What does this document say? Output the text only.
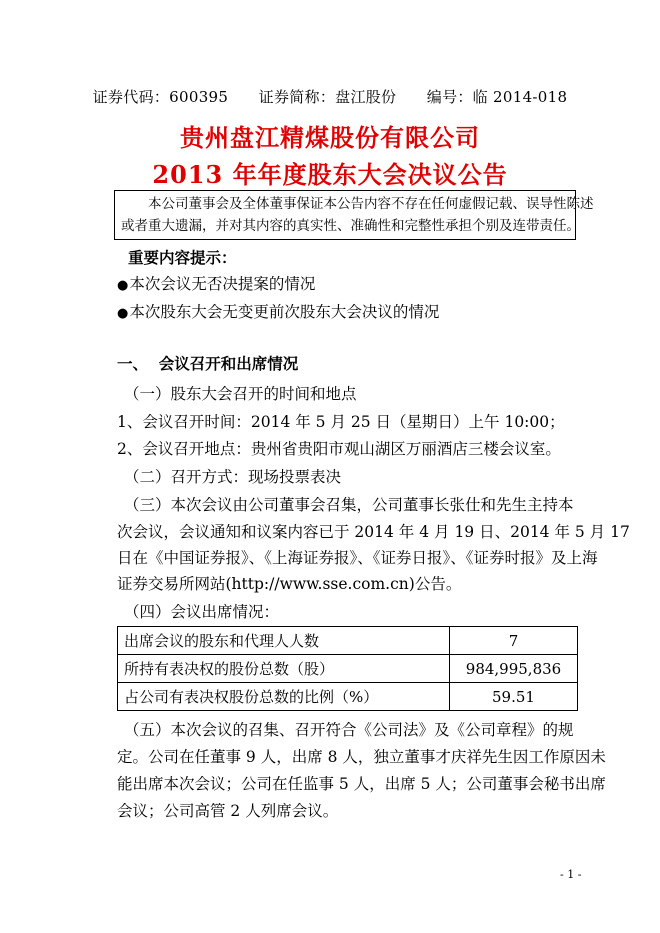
证券代码：600395 证券简称：盘江股份 编号：临 2014-018
贵州盘江精煤股份有限公司
2013 年年度股东大会决议公告
本公司董事会及全体董事保证本公告内容不存在任何虚假记载、误导性陈述
或者重大遗漏，并对其内容的真实性、准确性和完整性承担个别及连带责任。
重要内容提示：
● 本次会议无否决提案的情况
● 本次股东大会无变更前次股东大会决议的情况
一、  会议召开和出席情况
（一）股东大会召开的时间和地点
1、会议召开时间：2014 年 5 月 25 日（星期日）上午 10:00；
2、会议召开地点：贵州省贵阳市观山湖区万丽酒店三楼会议室。
（二）召开方式：现场投票表决
（三）本次会议由公司董事会召集，公司董事长张仕和先生主持本
次会议，会议通知和议案内容已于 2014 年 4 月 19 日、2014 年 5 月 17
日在《中国证券报》、《上海证券报》、《证券日报》、《证券时报》及上海
证券交易所网站(http://www.sse.com.cn)公告。
（四）会议出席情况：
出席会议的股东和代理人人数	7
所持有表决权的股份总数（股）	984,995,836
占公司有表决权股份总数的比例（%）	59.51
（五）本次会议的召集、召开符合《公司法》及《公司章程》的规
定。公司在任董事 9 人，出席 8 人，独立董事才庆祥先生因工作原因未
能出席本次会议；公司在任监事 5 人，出席 5 人；公司董事会秘书出席
会议；公司高管 2 人列席会议。
- 1 -
